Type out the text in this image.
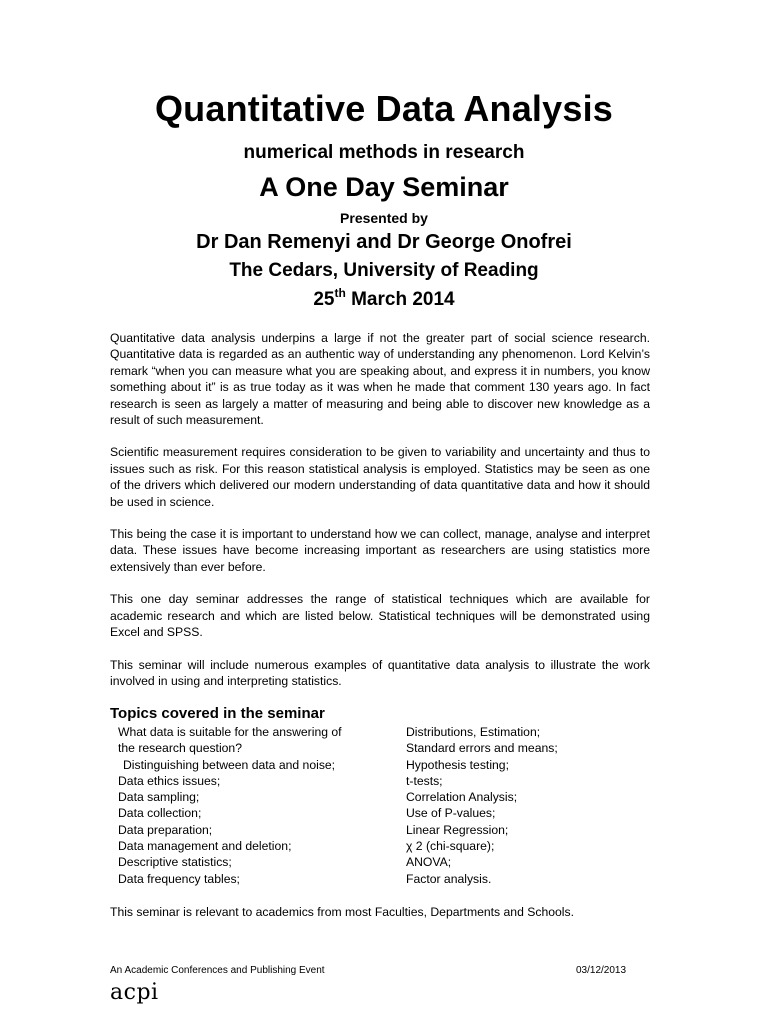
Quantitative Data Analysis
numerical methods in research
A One Day Seminar
Presented by
Dr Dan Remenyi and Dr George Onofrei
The Cedars, University of Reading
25th March 2014

Quantitative data analysis underpins a large if not the greater part of social science research. Quantitative data is regarded as an authentic way of understanding any phenomenon. Lord Kelvin’s remark “when you can measure what you are speaking about, and express it in numbers, you know something about it” is as true today as it was when he made that comment 130 years ago. In fact research is seen as largely a matter of measuring and being able to discover new knowledge as a result of such measurement.

Scientific measurement requires consideration to be given to variability and uncertainty and thus to issues such as risk. For this reason statistical analysis is employed. Statistics may be seen as one of the drivers which delivered our modern understanding of data quantitative data and how it should be used in science.

This being the case it is important to understand how we can collect, manage, analyse and interpret data. These issues have become increasing important as researchers are using statistics more extensively than ever before.

This one day seminar addresses the range of statistical techniques which are available for academic research and which are listed below. Statistical techniques will be demonstrated using Excel and SPSS.

This seminar will include numerous examples of quantitative data analysis to illustrate the work involved in using and interpreting statistics.

Topics covered in the seminar
What data is suitable for the answering of
the research question?
Distinguishing between data and noise;
Data ethics issues;
Data sampling;
Data collection;
Data preparation;
Data management and deletion;
Descriptive statistics;
Data frequency tables;
Distributions, Estimation;
Standard errors and means;
Hypothesis testing;
t-tests;
Correlation Analysis;
Use of P-values;
Linear Regression;
χ 2 (chi-square);
ANOVA;
Factor analysis.
This seminar is relevant to academics from most Faculties, Departments and Schools.
An Academic Conferences and Publishing Event	03/12/2013
acpi
